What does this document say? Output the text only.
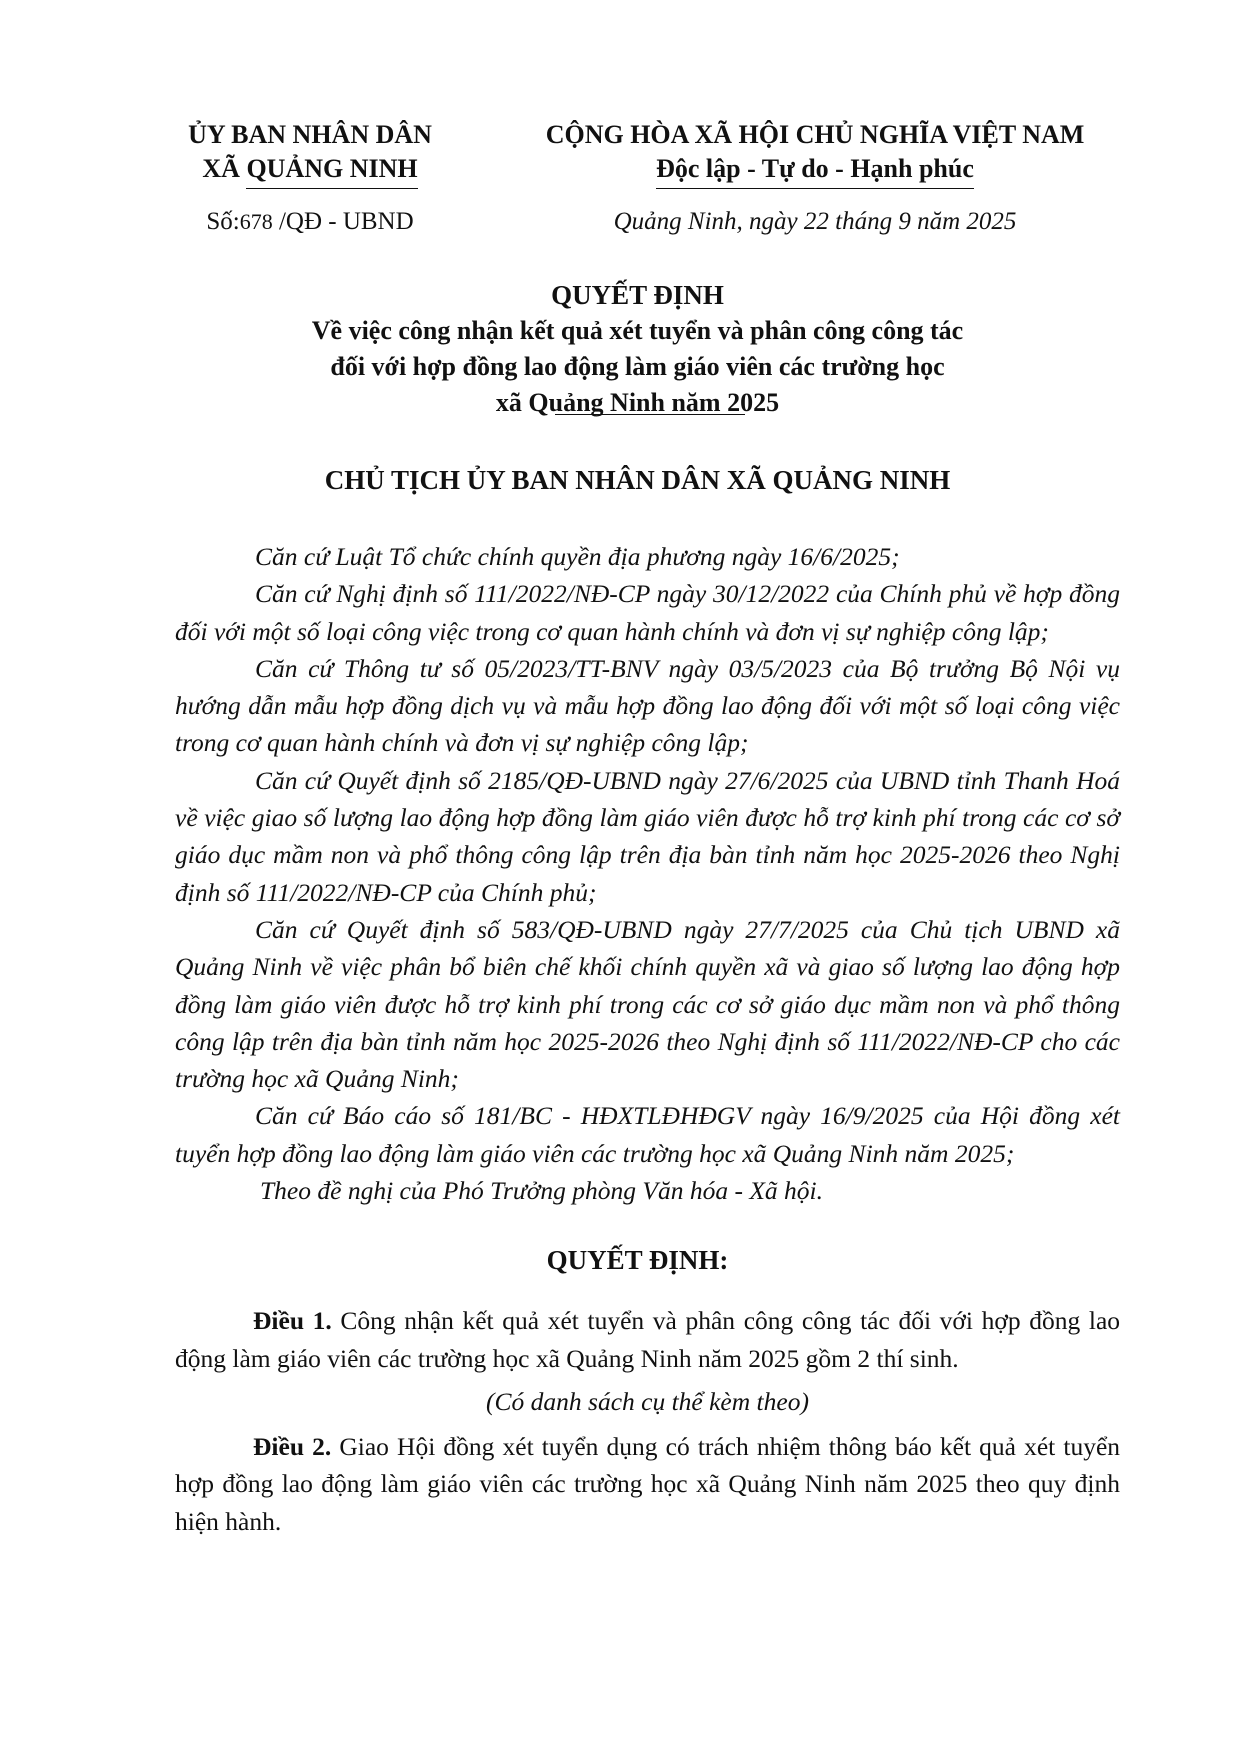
ỦY BAN NHÂN DÂN
XÃ QUẢNG NINH
CỘNG HÒA XÃ HỘI CHỦ NGHĨA VIỆT NAM
Độc lập - Tự do - Hạnh phúc
Số:678 /QĐ - UBND	Quảng Ninh, ngày 22 tháng 9 năm 2025
QUYẾT ĐỊNH
Về việc công nhận kết quả xét tuyển và phân công công tác
đối với hợp đồng lao động làm giáo viên các trường học
xã Quảng Ninh năm 2025
CHỦ TỊCH ỦY BAN NHÂN DÂN XÃ QUẢNG NINH

Căn cứ Luật Tổ chức chính quyền địa phương ngày 16/6/2025;

Căn cứ Nghị định số 111/2022/NĐ-CP ngày 30/12/2022 của Chính phủ về hợp đồng đối với một số loại công việc trong cơ quan hành chính và đơn vị sự nghiệp công lập;

Căn cứ Thông tư số 05/2023/TT-BNV ngày 03/5/2023 của Bộ trưởng Bộ Nội vụ hướng dẫn mẫu hợp đồng dịch vụ và mẫu hợp đồng lao động đối với một số loại công việc trong cơ quan hành chính và đơn vị sự nghiệp công lập;

Căn cứ Quyết định số 2185/QĐ-UBND ngày 27/6/2025 của UBND tỉnh Thanh Hoá về việc giao số lượng lao động hợp đồng làm giáo viên được hỗ trợ kinh phí trong các cơ sở giáo dục mầm non và phổ thông công lập trên địa bàn tỉnh năm học 2025-2026 theo Nghị định số 111/2022/NĐ-CP của Chính phủ;

Căn cứ Quyết định số 583/QĐ-UBND ngày 27/7/2025 của Chủ tịch UBND xã Quảng Ninh về việc phân bổ biên chế khối chính quyền xã và giao số lượng lao động hợp đồng làm giáo viên được hỗ trợ kinh phí trong các cơ sở giáo dục mầm non và phổ thông công lập trên địa bàn tỉnh năm học 2025-2026 theo Nghị định số 111/2022/NĐ-CP cho các trường học xã Quảng Ninh;

Căn cứ Báo cáo số 181/BC - HĐXTLĐHĐGV ngày 16/9/2025 của Hội đồng xét tuyển hợp đồng lao động làm giáo viên các trường học xã Quảng Ninh năm 2025;

Theo đề nghị của Phó Trưởng phòng Văn hóa - Xã hội.

QUYẾT ĐỊNH:

Điều 1. Công nhận kết quả xét tuyển và phân công công tác đối với hợp đồng lao động làm giáo viên các trường học xã Quảng Ninh năm 2025 gồm 2 thí sinh.

(Có danh sách cụ thể kèm theo)

Điều 2. Giao Hội đồng xét tuyển dụng có trách nhiệm thông báo kết quả xét tuyển hợp đồng lao động làm giáo viên các trường học xã Quảng Ninh năm 2025 theo quy định hiện hành.
